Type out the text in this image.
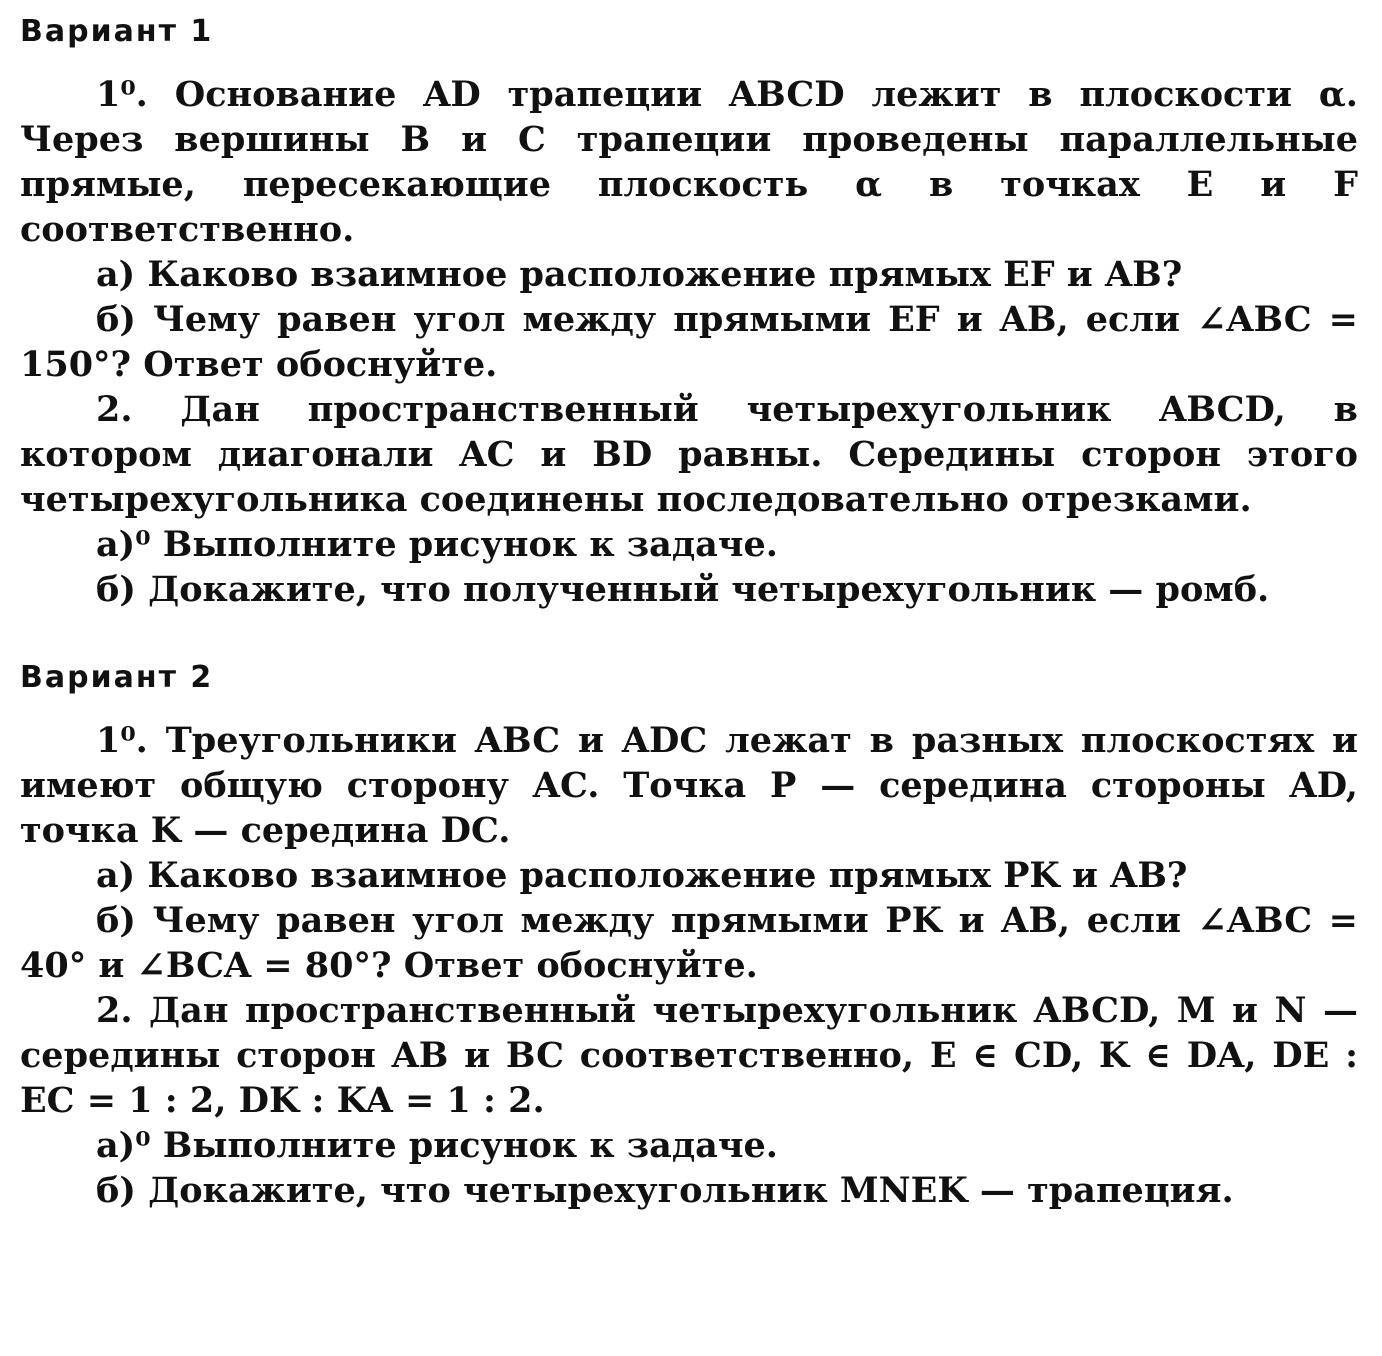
Вариант 1

1⁰. Основание AD трапеции ABCD лежит в плоскости α. Через вершины B и C трапеции проведены параллельные прямые, пересекающие плоскость α в точках E и F соответственно.

а) Каково взаимное расположение прямых EF и AB?

б) Чему равен угол между прямыми EF и AB, если ∠ABC = 150°? Ответ обоснуйте.

2. Дан пространственный четырехугольник ABCD, в котором диагонали AC и BD равны. Середины сторон этого четырехугольника соединены последовательно отрезками.

а)⁰ Выполните рисунок к задаче.

б) Докажите, что полученный четырехугольник — ромб.

Вариант 2

1⁰. Треугольники ABC и ADC лежат в разных плоскостях и имеют общую сторону AC. Точка P — середина стороны AD, точка K — середина DC.

а) Каково взаимное расположение прямых PK и AB?

б) Чему равен угол между прямыми PK и AB, если ∠ABC = 40° и ∠BCA = 80°? Ответ обоснуйте.

2. Дан пространственный четырехугольник ABCD, M и N — середины сторон AB и BC соответственно, E ∈ CD, K ∈ DA, DE : EC = 1 : 2, DK : KA = 1 : 2.

а)⁰ Выполните рисунок к задаче.

б) Докажите, что четырехугольник MNEK — трапеция.
